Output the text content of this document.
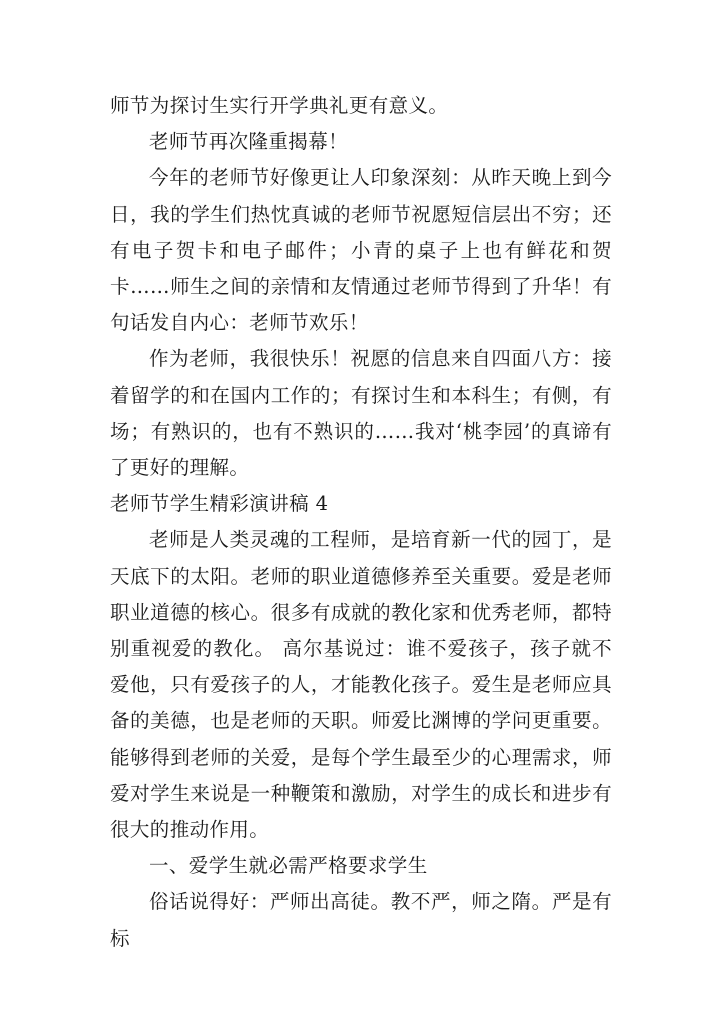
师节为探讨生实行开学典礼更有意义。

老师节再次隆重揭幕！

今年的老师节好像更让人印象深刻：从昨天晚上到今日，我的学生们热忱真诚的老师节祝愿短信层出不穷；还有电子贺卡和电子邮件；小青的桌子上也有鲜花和贺卡……师生之间的亲情和友情通过老师节得到了升华！有句话发自内心：老师节欢乐！

作为老师，我很快乐！祝愿的信息来自四面八方：接着留学的和在国内工作的；有探讨生和本科生；有侧，有场；有熟识的，也有不熟识的……我对‘桃李园’的真谛有了更好的理解。

老师节学生精彩演讲稿 4

老师是人类灵魂的工程师，是培育新一代的园丁，是天底下的太阳。老师的职业道德修养至关重要。爱是老师职业道德的核心。很多有成就的教化家和优秀老师，都特别重视爱的教化。 高尔基说过：谁不爱孩子，孩子就不爱他，只有爱孩子的人，才能教化孩子。爱生是老师应具备的美德，也是老师的天职。师爱比渊博的学问更重要。能够得到老师的关爱，是每个学生最至少的心理需求，师爱对学生来说是一种鞭策和激励，对学生的成长和进步有很大的推动作用。

一、爱学生就必需严格要求学生

俗话说得好：严师出高徒。教不严，师之隋。严是有标
